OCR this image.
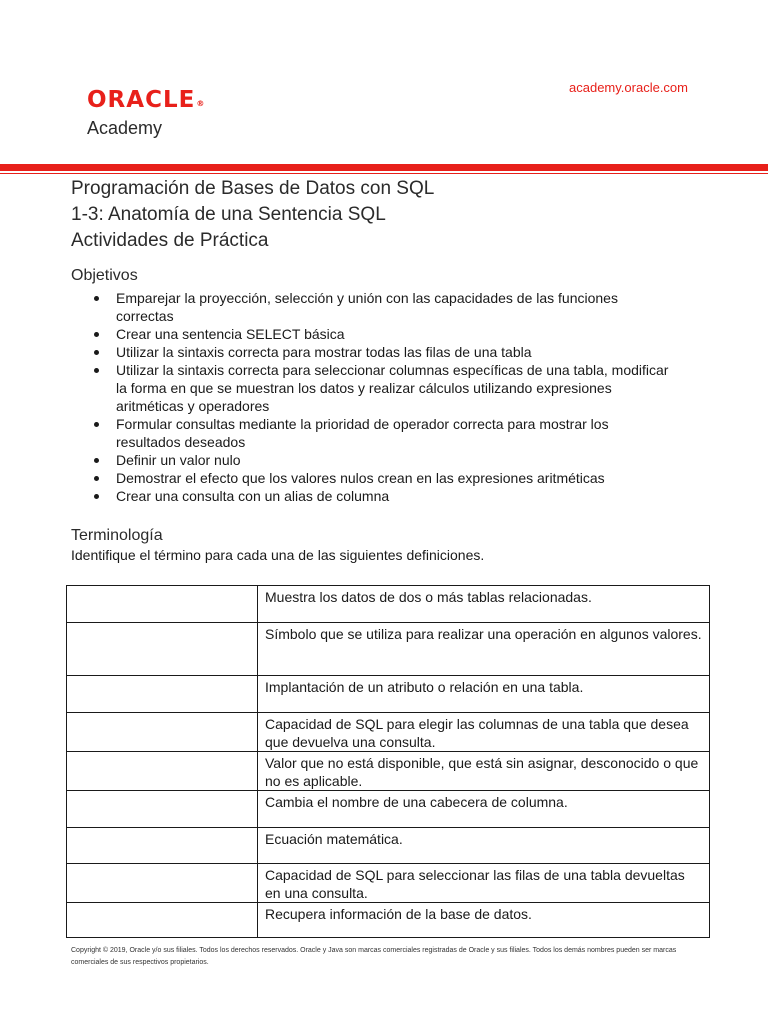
ORACLE®
Academy
academy.oracle.com
Programación de Bases de Datos con SQL
1-3: Anatomía de una Sentencia SQL
Actividades de Práctica
Objetivos
Emparejar la proyección, selección y unión con las capacidades de las funciones correctas
Crear una sentencia SELECT básica
Utilizar la sintaxis correcta para mostrar todas las filas de una tabla
Utilizar la sintaxis correcta para seleccionar columnas específicas de una tabla, modificar la forma en que se muestran los datos y realizar cálculos utilizando expresiones aritméticas y operadores
Formular consultas mediante la prioridad de operador correcta para mostrar los resultados deseados
Definir un valor nulo
Demostrar el efecto que los valores nulos crean en las expresiones aritméticas
Crear una consulta con un alias de columna
Terminología
Identifique el término para cada una de las siguientes definiciones.
	Muestra los datos de dos o más tablas relacionadas.
	Símbolo que se utiliza para realizar una operación en algunos valores.
	Implantación de un atributo o relación en una tabla.
	Capacidad de SQL para elegir las columnas de una tabla que desea que devuelva una consulta.
	Valor que no está disponible, que está sin asignar, desconocido o que no es aplicable.
	Cambia el nombre de una cabecera de columna.
	Ecuación matemática.
	Capacidad de SQL para seleccionar las filas de una tabla devueltas en una consulta.
	Recupera información de la base de datos.
Copyright © 2019, Oracle y/o sus filiales. Todos los derechos reservados. Oracle y Java son marcas comerciales registradas de Oracle y sus filiales. Todos los demás nombres pueden ser marcas comerciales de sus respectivos propietarios.
